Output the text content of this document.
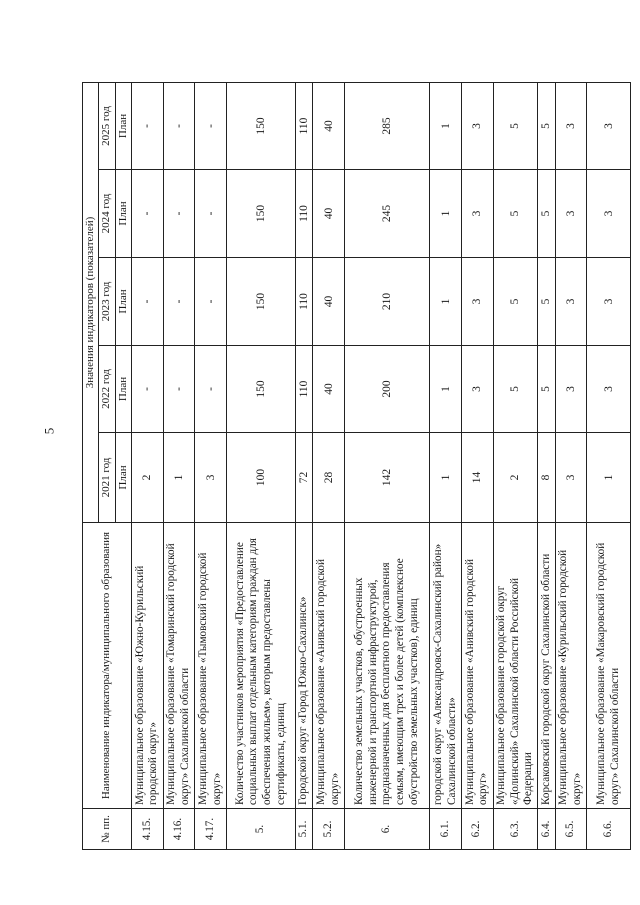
5
№ пп.	Наименование индикатора/муниципального образования	Значения индикаторов (показателей)				
		2021 год	2022 год	2023 год	2024 год	2025 год
		План	План	План	План	План
4.15.	Муниципальное образование «Южно-Курильский городской округ»	2	-	-	-	-
4.16.	Муниципальное образование «Томаринский городской округ» Сахалинской области	1	-	-	-	-
4.17.	Муниципальное образование «Тымовский городской округ»	3	-	-	-	-
5.	Количество участников мероприятия «Предоставление социальных выплат отдельным категориям граждан для обеспечения жильем», которым предоставлены сертификаты, единиц	100	150	150	150	150
5.1.	Городской округ «Город Южно-Сахалинск»	72	110	110	110	110
5.2.	Муниципальное образование «Анивский городской округ»	28	40	40	40	40
6.	Количество земельных участков, обустроенных инженерной и транспортной инфраструктурой, предназначенных для бесплатного предоставления семьям, имеющим трех и более детей (комплексное обустройство земельных участков), единиц	142	200	210	245	285
6.1.	городской округ «Александровск-Сахалинский район» Сахалинской области»	1	1	1	1	1
6.2.	Муниципальное образование «Анивский городской округ»	14	3	3	3	3
6.3.	Муниципальное образование городской округ «Долинский» Сахалинской области Российской Федерации	2	5	5	5	5
6.4.	Корсаковский городской округ Сахалинской области	8	5	5	5	5
6.5.	Муниципальное образование «Курильский городской округ»	3	3	3	3	3
6.6.	Муниципальное образование «Макаровский городской округ» Сахалинской области	1	3	3	3	3
